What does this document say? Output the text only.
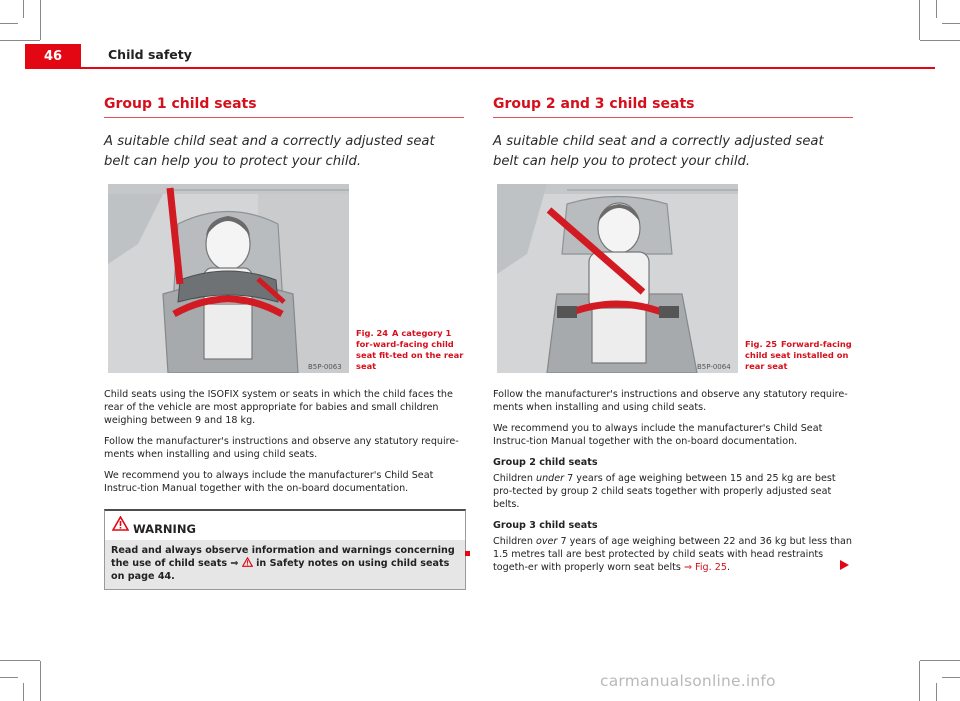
46	Child safety
Group 1 child seats

A suitable child seat and a correctly adjusted seat belt can help you to protect your child.

B5P-0063
Fig. 24 A category 1 for-ward-facing child seat fit-ted on the rear seat

Child seats using the ISOFIX system or seats in which the child faces the rear of the vehicle are most appropriate for babies and small children weighing between 9 and 18 kg.

Follow the manufacturer's instructions and observe any statutory require-ments when installing and using child seats.

We recommend you to always include the manufacturer's Child Seat Instruc-tion Manual together with the on-board documentation.

WARNING

Read and always observe information and warnings concerning the use of child seats ⇒ in Safety notes on using child seats on page 44.

Group 2 and 3 child seats

A suitable child seat and a correctly adjusted seat belt can help you to protect your child.

B5P-0064
Fig. 25 Forward-facing child seat installed on rear seat

Follow the manufacturer's instructions and observe any statutory require-ments when installing and using child seats.

We recommend you to always include the manufacturer's Child Seat Instruc-tion Manual together with the on-board documentation.

Group 2 child seats

Children under 7 years of age weighing between 15 and 25 kg are best pro-tected by group 2 child seats together with properly adjusted seat belts.

Group 3 child seats

Children over 7 years of age weighing between 22 and 36 kg but less than 1.5 metres tall are best protected by child seats with head restraints togeth-er with properly worn seat belts ⇒ Fig. 25.

carmanualsonline.info
